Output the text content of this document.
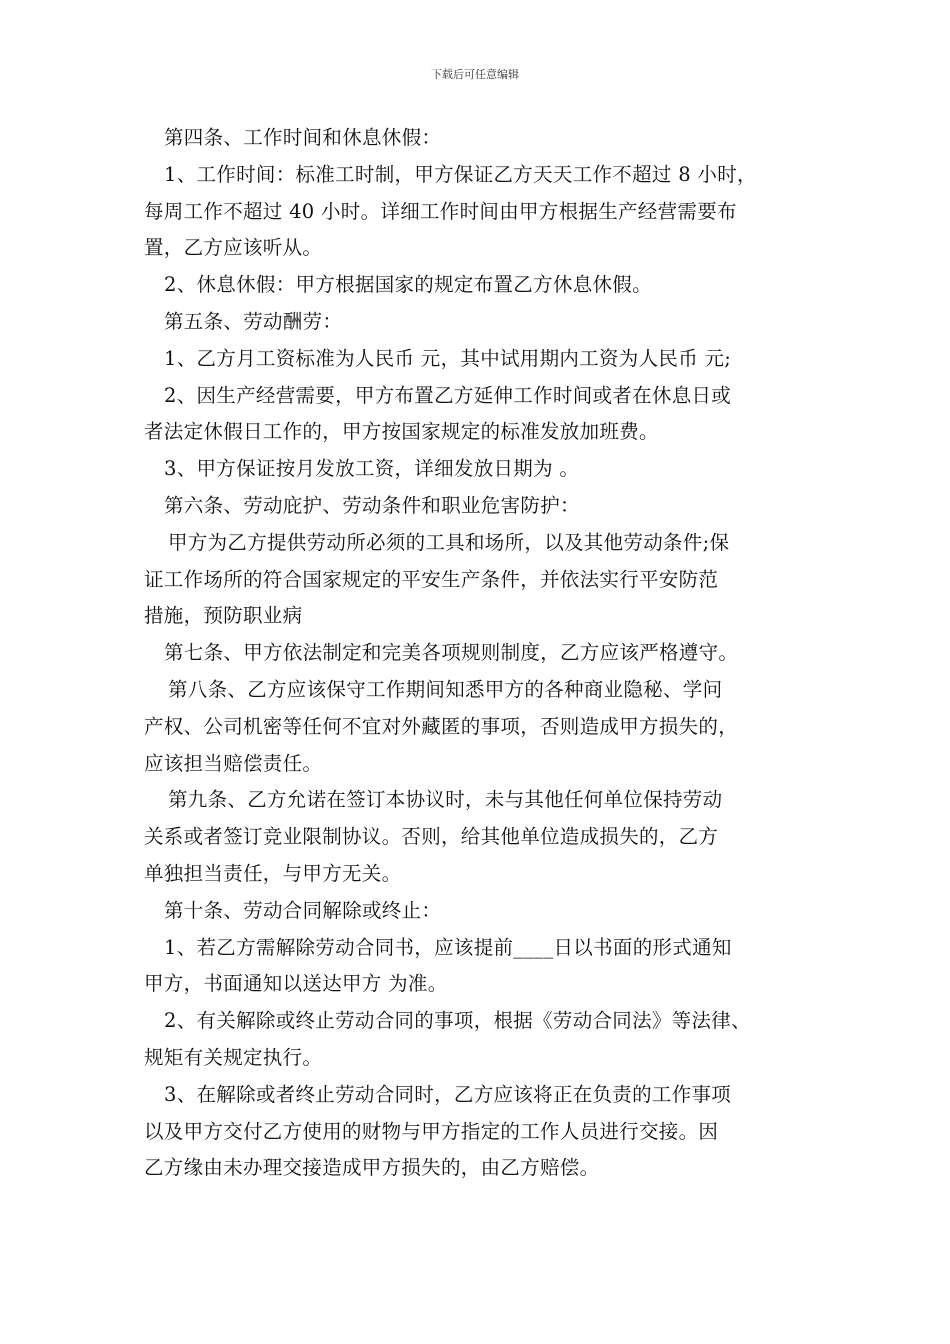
下载后可任意编辑
第四条、工作时间和休息休假：
1、工作时间：标准工时制，甲方保证乙方天天工作不超过 8 小时，
每周工作不超过 40 小时。详细工作时间由甲方根据生产经营需要布
置，乙方应该听从。
2、休息休假：甲方根据国家的规定布置乙方休息休假。
第五条、劳动酬劳：
1、乙方月工资标准为人民币 元，其中试用期内工资为人民币 元;
2、因生产经营需要，甲方布置乙方延伸工作时间或者在休息日或
者法定休假日工作的，甲方按国家规定的标准发放加班费。
3、甲方保证按月发放工资，详细发放日期为 。
第六条、劳动庇护、劳动条件和职业危害防护：
甲方为乙方提供劳动所必须的工具和场所，以及其他劳动条件;保
证工作场所的符合国家规定的平安生产条件，并依法实行平安防范
措施，预防职业病
第七条、甲方依法制定和完美各项规则制度，乙方应该严格遵守。
第八条、乙方应该保守工作期间知悉甲方的各种商业隐秘、学问
产权、公司机密等任何不宜对外藏匿的事项，否则造成甲方损失的，
应该担当赔偿责任。
第九条、乙方允诺在签订本协议时，未与其他任何单位保持劳动
关系或者签订竞业限制协议。否则，给其他单位造成损失的，乙方
单独担当责任，与甲方无关。
第十条、劳动合同解除或终止：
1、若乙方需解除劳动合同书，应该提前____日以书面的形式通知
甲方，书面通知以送达甲方 为准。
2、有关解除或终止劳动合同的事项，根据《劳动合同法》等法律、
规矩有关规定执行。
3、在解除或者终止劳动合同时，乙方应该将正在负责的工作事项
以及甲方交付乙方使用的财物与甲方指定的工作人员进行交接。因
乙方缘由未办理交接造成甲方损失的，由乙方赔偿。
